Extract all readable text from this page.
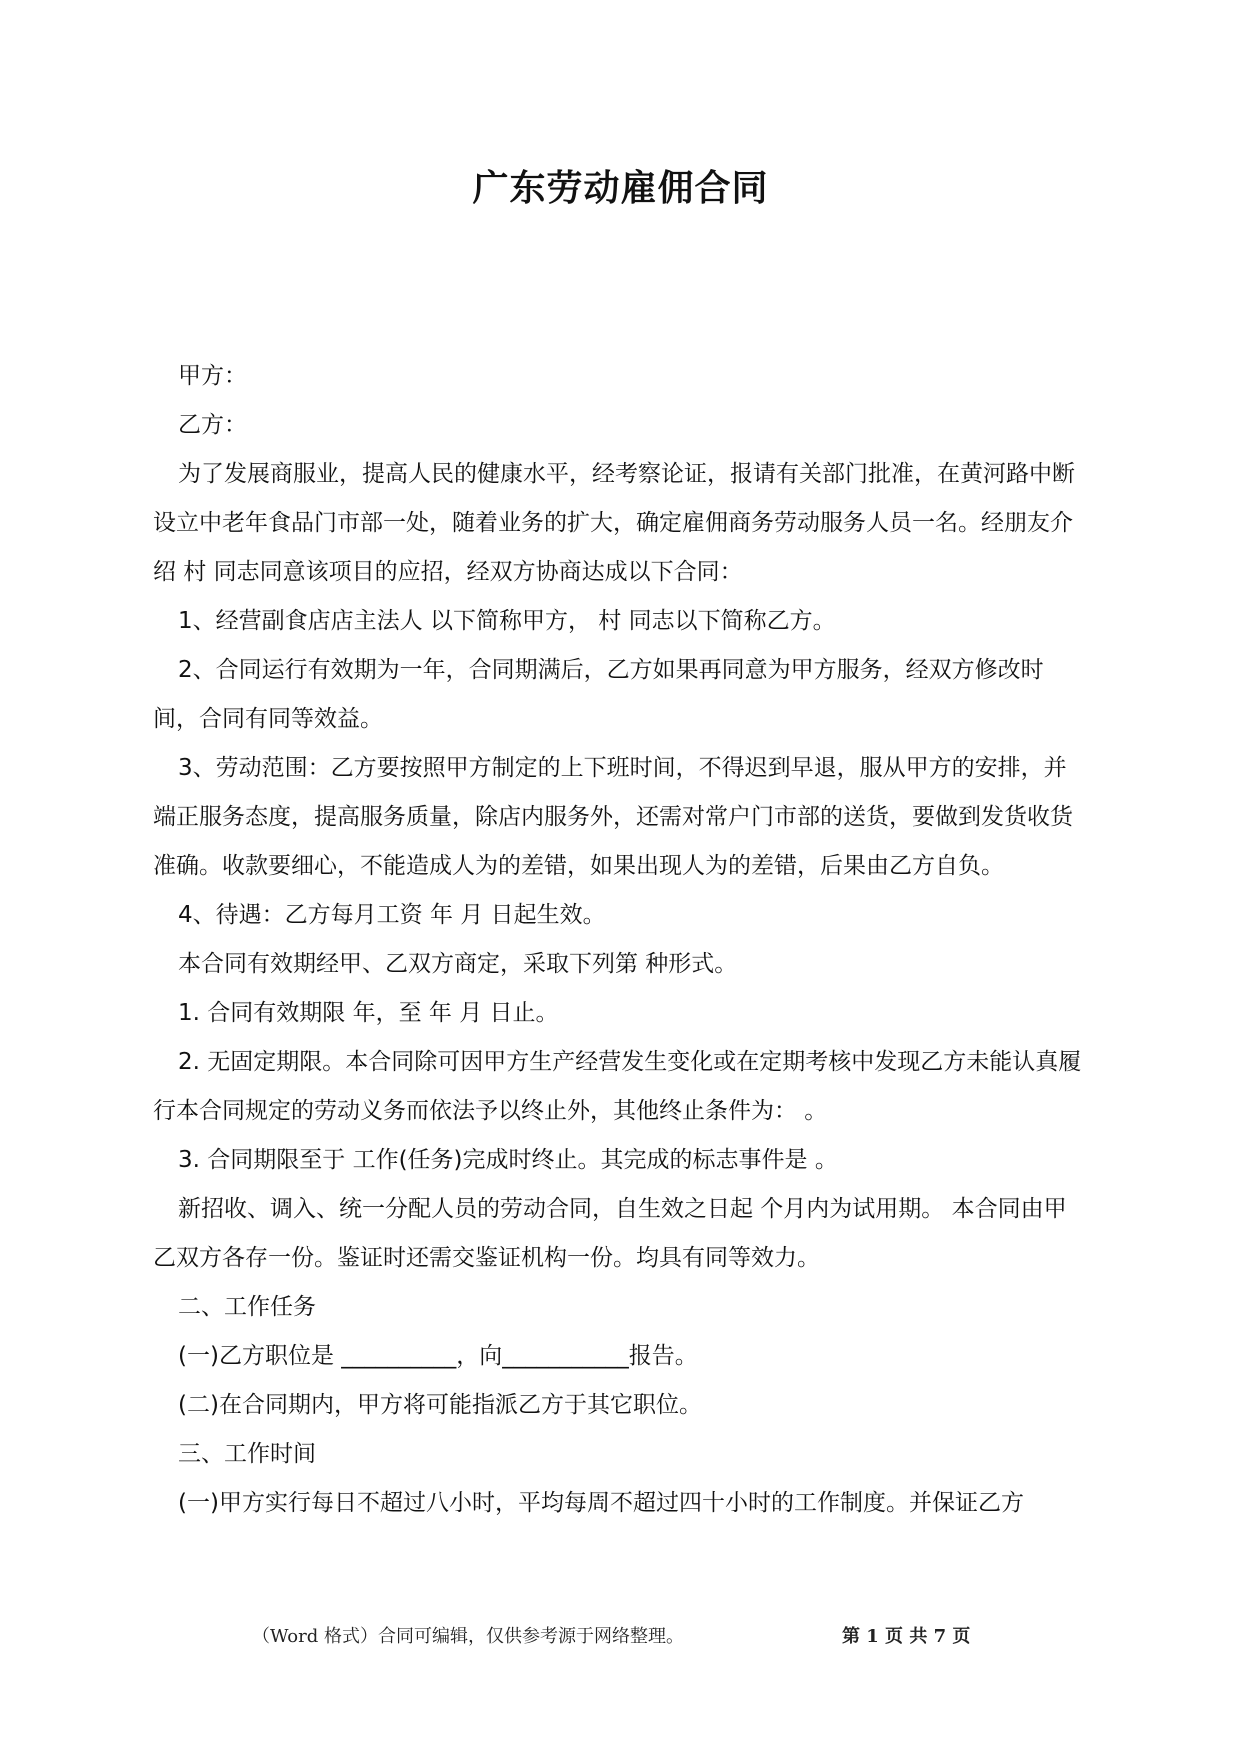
广东劳动雇佣合同

甲方：

乙方：

为了发展商服业，提高人民的健康水平，经考察论证，报请有关部门批准，在黄河路中断设立中老年食品门市部一处，随着业务的扩大，确定雇佣商务劳动服务人员一名。经朋友介绍 村 同志同意该项目的应招，经双方协商达成以下合同：

1、经营副食店店主法人 以下简称甲方， 村 同志以下简称乙方。

2、合同运行有效期为一年，合同期满后，乙方如果再同意为甲方服务，经双方修改时间，合同有同等效益。

3、劳动范围：乙方要按照甲方制定的上下班时间，不得迟到早退，服从甲方的安排，并端正服务态度，提高服务质量，除店内服务外，还需对常户门市部的送货，要做到发货收货准确。收款要细心，不能造成人为的差错，如果出现人为的差错，后果由乙方自负。

4、待遇：乙方每月工资 年 月 日起生效。

本合同有效期经甲、乙双方商定，采取下列第 种形式。

1. 合同有效期限 年，至 年 月 日止。

2. 无固定期限。本合同除可因甲方生产经营发生变化或在定期考核中发现乙方未能认真履行本合同规定的劳动义务而依法予以终止外，其他终止条件为： 。

3. 合同期限至于 工作(任务)完成时终止。其完成的标志事件是 。

新招收、调入、统一分配人员的劳动合同，自生效之日起 个月内为试用期。 本合同由甲乙双方各存一份。鉴证时还需交鉴证机构一份。均具有同等效力。

二、工作任务

(一)乙方职位是 __________，向___________报告。

(二)在合同期内，甲方将可能指派乙方于其它职位。

三、工作时间

(一)甲方实行每日不超过八小时，平均每周不超过四十小时的工作制度。并保证乙方

（Word 格式）合同可编辑，仅供参考源于网络整理。	第 1 页 共 7 页
